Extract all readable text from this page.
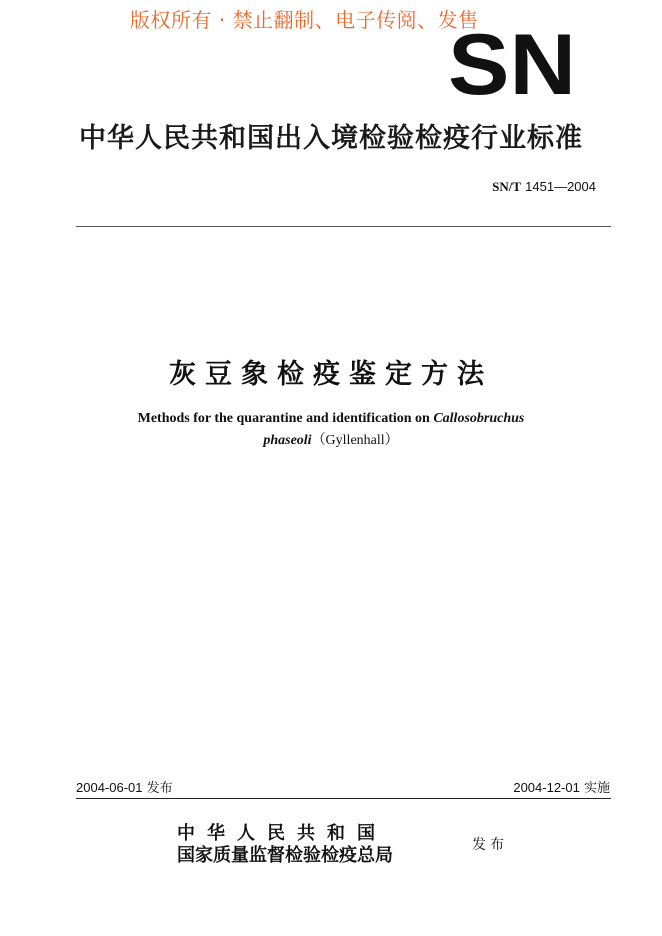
版权所有 · 禁止翻制、电子传阅、发售
SN
中华人民共和国出入境检验检疫行业标准
SN/T 1451—2004
灰豆象检疫鉴定方法
Methods for the quarantine and identification on Callosobruchus
phaseoli（Gyllenhall）
2004-06-01 发布	2004-12-01 实施
中华人民共和国
国家质量监督检验检疫总局	发布
